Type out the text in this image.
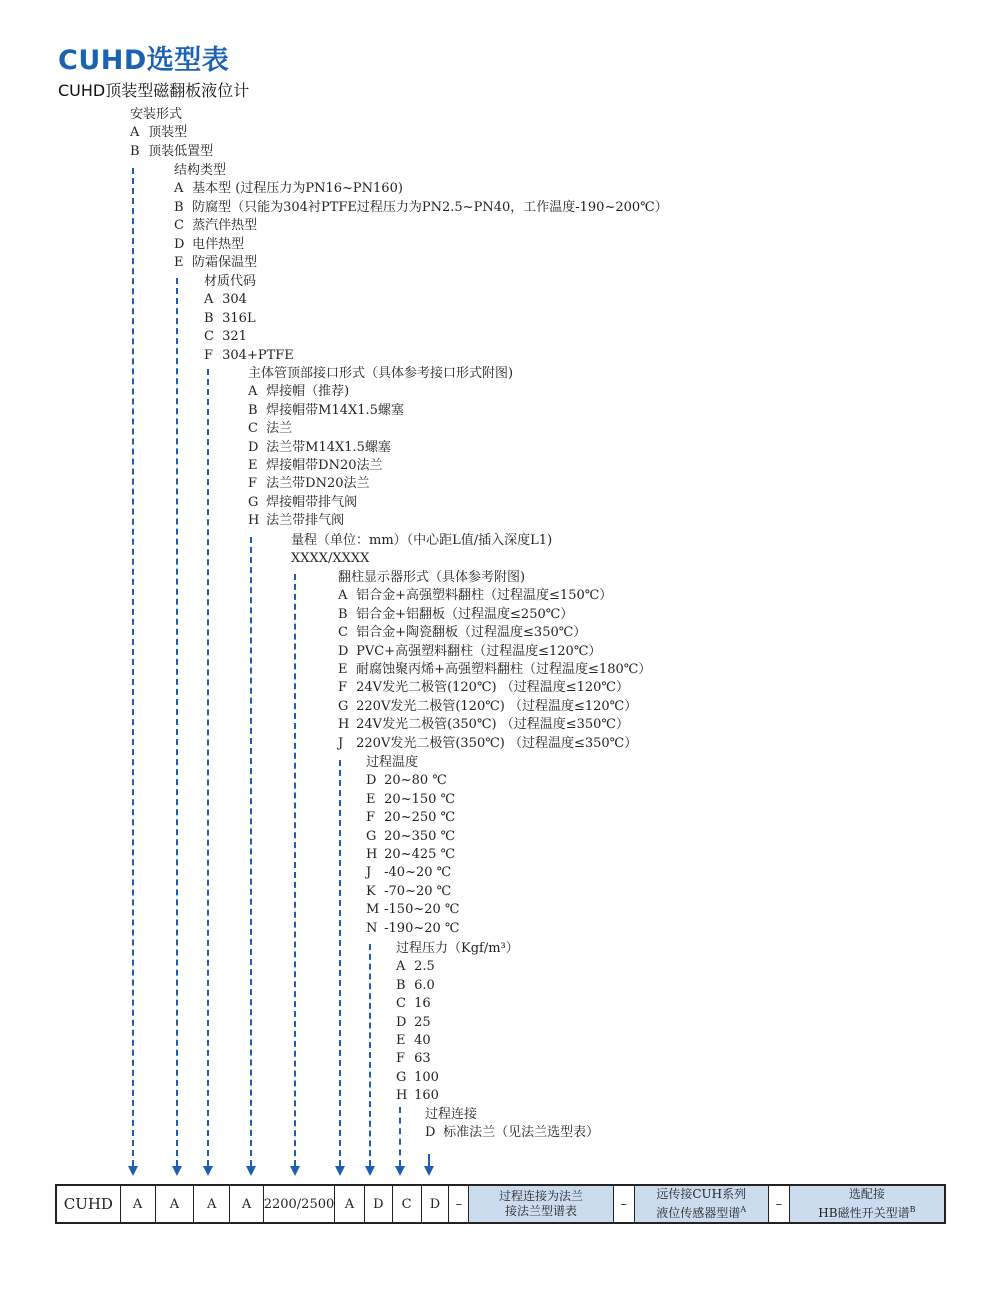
CUHD选型表
CUHD顶装型磁翻板液位计
安装形式
A 顶装型
B 顶装低置型
结构类型
A 基本型 (过程压力为PN16~PN160)
B 防腐型（只能为304衬PTFE过程压力为PN2.5~PN40，工作温度-190~200℃）
C 蒸汽伴热型
D 电伴热型
E 防霜保温型
材质代码
A 304
B 316L
C 321
F 304+PTFE
主体管顶部接口形式（具体参考接口形式附图)
A 焊接帽（推荐)
B 焊接帽带M14X1.5螺塞
C 法兰
D 法兰带M14X1.5螺塞
E 焊接帽带DN20法兰
F 法兰带DN20法兰
G 焊接帽带排气阀
H 法兰带排气阀
量程（单位：mm）（中心距L值/插入深度L1)
XXXX/XXXX
翻柱显示器形式（具体参考附图)
A 铝合金+高强塑料翻柱（过程温度≤150℃）
B 铝合金+铝翻板（过程温度≤250℃）
C 铝合金+陶瓷翻板（过程温度≤350℃）
D PVC+高强塑料翻柱（过程温度≤120℃）
E 耐腐蚀聚丙烯+高强塑料翻柱（过程温度≤180℃）
F 24V发光二极管(120℃) （过程温度≤120℃）
G 220V发光二极管(120℃) （过程温度≤120℃）
H 24V发光二极管(350℃) （过程温度≤350℃）
J 220V发光二极管(350℃) （过程温度≤350℃）
过程温度
D 20~80 ℃
E 20~150 ℃
F 20~250 ℃
G 20~350 ℃
H 20~425 ℃
J -40~20 ℃
K -70~20 ℃
M -150~20 ℃
N -190~20 ℃
过程压力（Kgf/m³）
A 2.5
B 6.0
C 16
D 25
E 40
F 63
G 100
H 160
过程连接
D 标准法兰（见法兰选型表）
CUHD	A	A	A	A 2200/2500 A	D	C	D	–
过程连接为法兰
接法兰型谱表	–
远传接CUH系列
液位传感器型谱$^A$	–
选配接
HB磁性开关型谱$^B$
